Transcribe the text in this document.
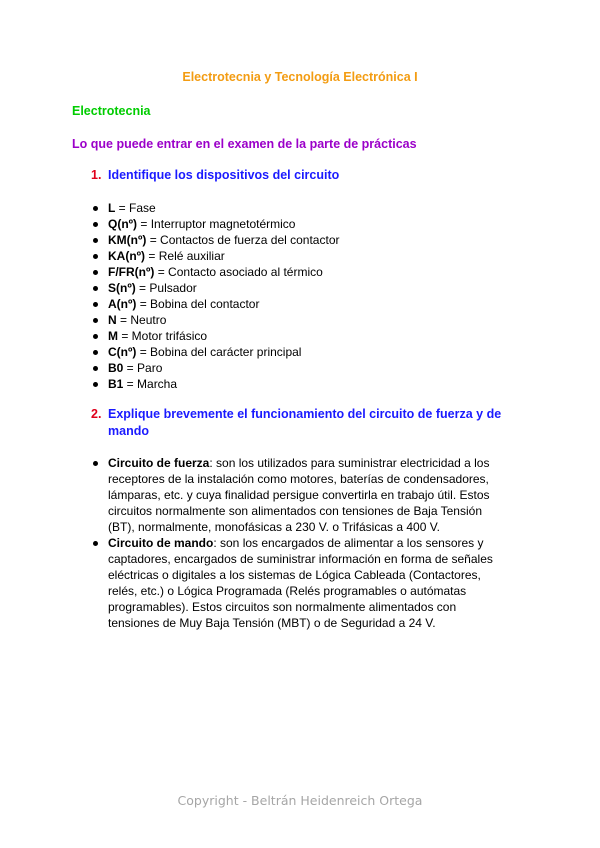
Electrotecnia y Tecnología Electrónica I
Electrotecnia
Lo que puede entrar en el examen de la parte de prácticas
1. Identifique los dispositivos del circuito
L = Fase
Q(nº) = Interruptor magnetotérmico
KM(nº) = Contactos de fuerza del contactor
KA(nº) = Relé auxiliar
F/FR(nº) = Contacto asociado al térmico
S(nº) = Pulsador
A(nº) = Bobina del contactor
N = Neutro
M = Motor trifásico
C(nº) = Bobina del carácter principal
B0 = Paro
B1 = Marcha
2. Explique brevemente el funcionamiento del circuito de fuerza y de mando
Circuito de fuerza: son los utilizados para suministrar electricidad a los receptores de la instalación como motores, baterías de condensadores, lámparas, etc. y cuya finalidad persigue convertirla en trabajo útil. Estos circuitos normalmente son alimentados con tensiones de Baja Tensión (BT), normalmente, monofásicas a 230 V. o Trifásicas a 400 V.
Circuito de mando: son los encargados de alimentar a los sensores y captadores, encargados de suministrar información en forma de señales eléctricas o digitales a los sistemas de Lógica Cableada (Contactores, relés, etc.) o Lógica Programada (Relés programables o autómatas programables). Estos circuitos son normalmente alimentados con tensiones de Muy Baja Tensión (MBT) o de Seguridad a 24 V.
Copyright - Beltrán Heidenreich Ortega
